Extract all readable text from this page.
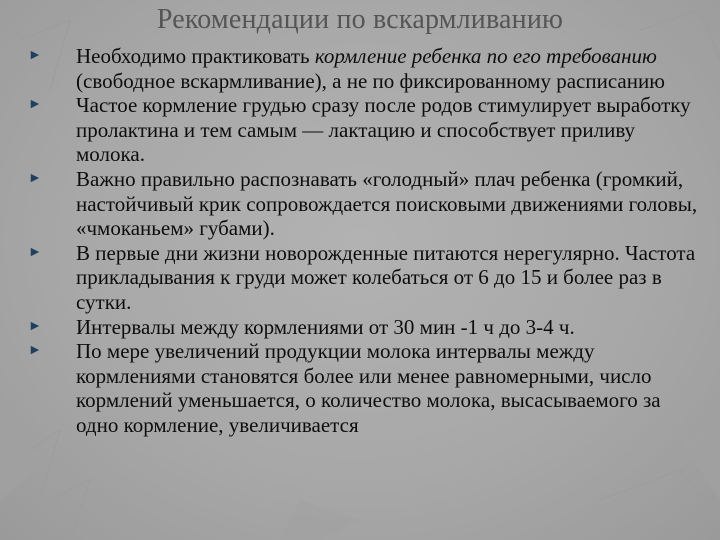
Рекомендации по вскармливанию
► Необходимо практиковать кормление ребенка по его требованию (свободное вскармливание), а не по фиксированному расписанию
► Частое кормление грудью сразу после родов стимулирует выработку пролактина и тем самым — лактацию и способствует приливу молока.
► Важно правильно распознавать «голодный» плач ребенка (громкий, настойчивый крик сопровождается поисковыми движениями головы, «чмоканьем» губами).
► В первые дни жизни новорожденные питаются нерегулярно. Частота прикладывания к груди может колебаться от 6 до 15 и более раз в сутки.
► Интервалы между кормлениями от 30 мин -1 ч до 3-4 ч.
► По мере увеличений продукции молока интервалы между кормлениями становятся более или менее равномерными, число кормлений уменьшается, о количество молока, высасываемого за одно кормление, увеличивается
